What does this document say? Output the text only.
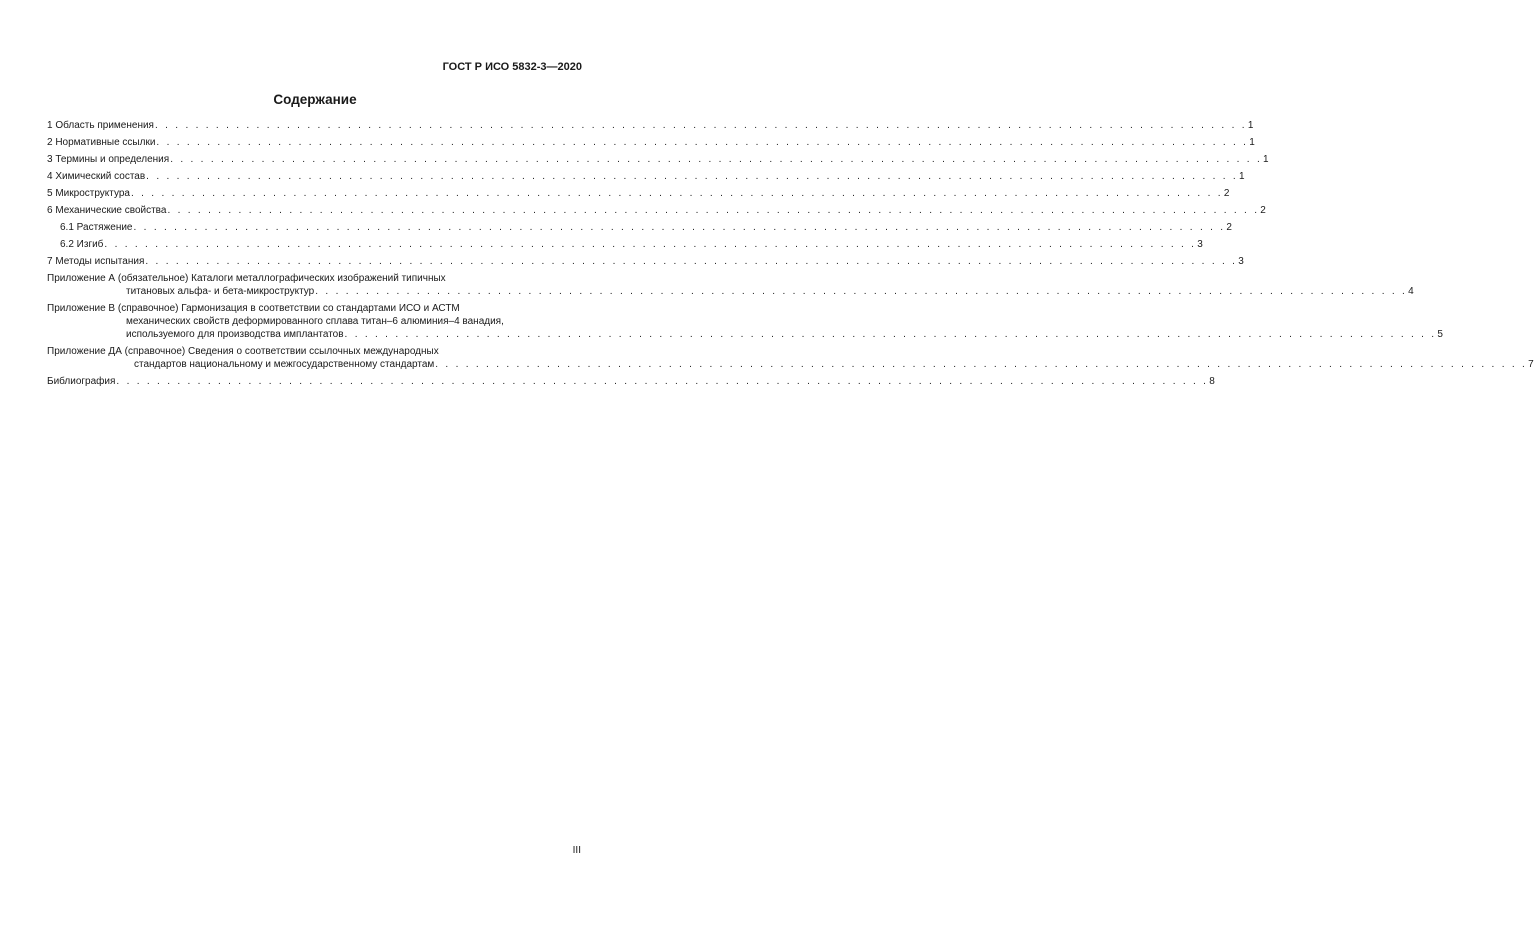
ГОСТ Р ИСО 5832-3—2020
Содержание
1 Область применения . . . . . . . . . . . . . . . . . . . . . . . . . . . . . . . . . . . . . . . . . . . . . . . . . . . . . . . . . . . . . . . . . . . . . . . . . . . . . . . . . . . . . . . . . . . . . . . . . . . . . . . . . . . . 1
2 Нормативные ссылки . . . . . . . . . . . . . . . . . . . . . . . . . . . . . . . . . . . . . . . . . . . . . . . . . . . . . . . . . . . . . . . . . . . . . . . . . . . . . . . . . . . . . . . . . . . . . . . . . . . . . . . . . . . . 1
3 Термины и определения . . . . . . . . . . . . . . . . . . . . . . . . . . . . . . . . . . . . . . . . . . . . . . . . . . . . . . . . . . . . . . . . . . . . . . . . . . . . . . . . . . . . . . . . . . . . . . . . . . . . . . . . . . . . 1
4 Химический состав . . . . . . . . . . . . . . . . . . . . . . . . . . . . . . . . . . . . . . . . . . . . . . . . . . . . . . . . . . . . . . . . . . . . . . . . . . . . . . . . . . . . . . . . . . . . . . . . . . . . . . . . . . . . 1
5 Микроструктура . . . . . . . . . . . . . . . . . . . . . . . . . . . . . . . . . . . . . . . . . . . . . . . . . . . . . . . . . . . . . . . . . . . . . . . . . . . . . . . . . . . . . . . . . . . . . . . . . . . . . . . . . . . . 2
6 Механические свойства . . . . . . . . . . . . . . . . . . . . . . . . . . . . . . . . . . . . . . . . . . . . . . . . . . . . . . . . . . . . . . . . . . . . . . . . . . . . . . . . . . . . . . . . . . . . . . . . . . . . . . . . . . . . 2
6.1 Растяжение . . . . . . . . . . . . . . . . . . . . . . . . . . . . . . . . . . . . . . . . . . . . . . . . . . . . . . . . . . . . . . . . . . . . . . . . . . . . . . . . . . . . . . . . . . . . . . . . . . . . . . . . . . . . 2
6.2 Изгиб . . . . . . . . . . . . . . . . . . . . . . . . . . . . . . . . . . . . . . . . . . . . . . . . . . . . . . . . . . . . . . . . . . . . . . . . . . . . . . . . . . . . . . . . . . . . . . . . . . . . . . . . . . . . 3
7 Методы испытания . . . . . . . . . . . . . . . . . . . . . . . . . . . . . . . . . . . . . . . . . . . . . . . . . . . . . . . . . . . . . . . . . . . . . . . . . . . . . . . . . . . . . . . . . . . . . . . . . . . . . . . . . . . . 3
Приложение А (обязательное) Каталоги металлографических изображений типичных
титановых альфа- и бета-микроструктур . . . . . . . . . . . . . . . . . . . . . . . . . . . . . . . . . . . . . . . . . . . . . . . . . . . . . . . . . . . . . . . . . . . . . . . . . . . . . . . . . . . . . . . . . . . . . . . . . . . . . . . . . . . . 4
Приложение В (справочное) Гармонизация в соответствии со стандартами ИСО и АСТМ
механических свойств деформированного сплава титан–6 алюминия–4 ванадия,
используемого для производства имплантатов . . . . . . . . . . . . . . . . . . . . . . . . . . . . . . . . . . . . . . . . . . . . . . . . . . . . . . . . . . . . . . . . . . . . . . . . . . . . . . . . . . . . . . . . . . . . . . . . . . . . . . . . . . . . 5
Приложение ДА (справочное) Сведения о соответствии ссылочных международных
стандартов национальному и межгосударственному стандартам . . . . . . . . . . . . . . . . . . . . . . . . . . . . . . . . . . . . . . . . . . . . . . . . . . . . . . . . . . . . . . . . . . . . . . . . . . . . . . . . . . . . . . . . . . . . . . . . . . . . . . . . . . . . 7
Библиография . . . . . . . . . . . . . . . . . . . . . . . . . . . . . . . . . . . . . . . . . . . . . . . . . . . . . . . . . . . . . . . . . . . . . . . . . . . . . . . . . . . . . . . . . . . . . . . . . . . . . . . . . . . . 8
III
